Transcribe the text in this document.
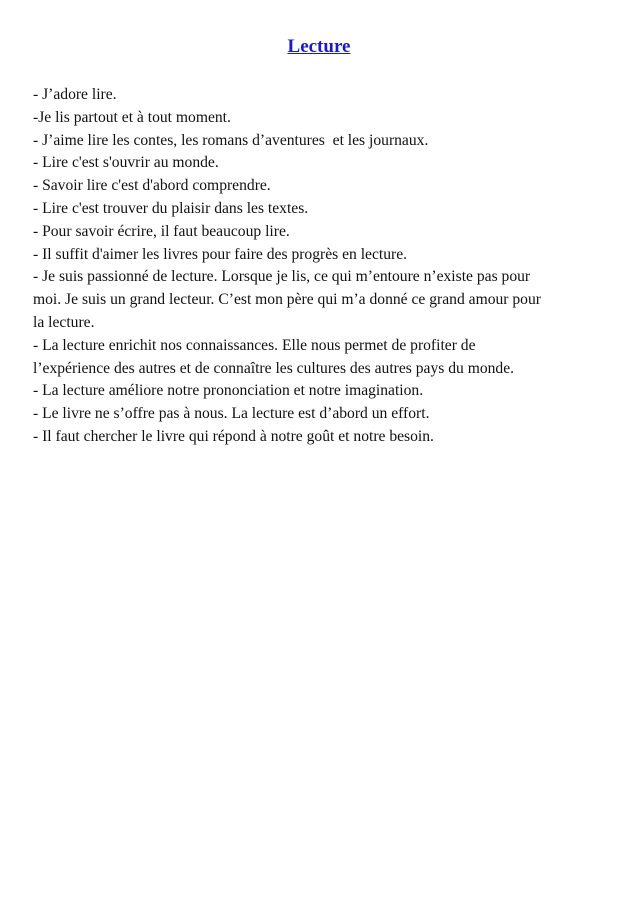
Lecture
- J’adore lire.
-Je lis partout et à tout moment.
- J’aime lire les contes, les romans d’aventures  et les journaux.
- Lire c'est s'ouvrir au monde.
- Savoir lire c'est d'abord comprendre.
- Lire c'est trouver du plaisir dans les textes.
- Pour savoir écrire, il faut beaucoup lire.
- Il suffit d'aimer les livres pour faire des progrès en lecture.
- Je suis passionné de lecture. Lorsque je lis, ce qui m’entoure n’existe pas pour
moi. Je suis un grand lecteur. C’est mon père qui m’a donné ce grand amour pour
la lecture.
- La lecture enrichit nos connaissances. Elle nous permet de profiter de
l’expérience des autres et de connaître les cultures des autres pays du monde.
- La lecture améliore notre prononciation et notre imagination.
- Le livre ne s’offre pas à nous. La lecture est d’abord un effort.
- Il faut chercher le livre qui répond à notre goût et notre besoin.
